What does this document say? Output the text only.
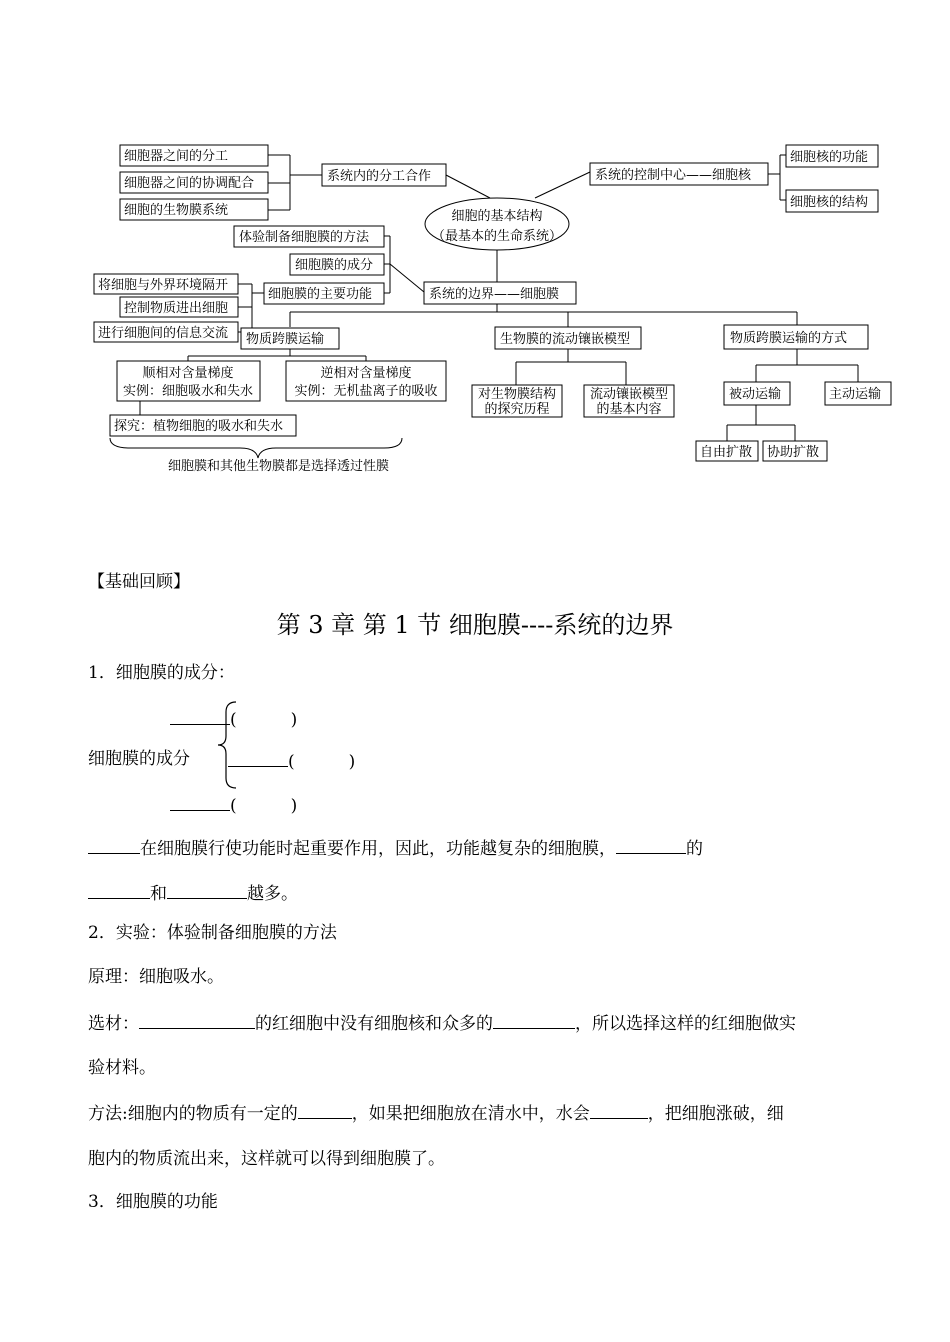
细胞器之间的分工
细胞器之间的协调配合
细胞的生物膜系统
系统内的分工合作	系统的控制中心——细胞核
细胞核的功能
细胞核的结构
细胞的基本结构
（最基本的生命系统）
体验制备细胞膜的方法
细胞膜的成分
细胞膜的主要功能	系统的边界——细胞膜
将细胞与外界环境隔开
控制物质进出细胞
进行细胞间的信息交流 物质跨膜运输
顺相对含量梯度
实例：细胞吸水和失水
逆相对含量梯度
实例：无机盐离子的吸收
探究：植物细胞的吸水和失水
细胞膜和其他生物膜都是选择透过性膜
生物膜的流动镶嵌模型
对生物膜结构
的探究历程
流动镶嵌模型
的基本内容
物质跨膜运输的方式
被动运输	主动运输
自由扩散 协助扩散
【基础回顾】
第 3 章 第 1 节 细胞膜----系统的边界
1．细胞膜的成分：
(	)
细胞膜的成分	(	)
(	)
在细胞膜行使功能时起重要作用，因此，功能越复杂的细胞膜，	的
和	越多。
2．实验：体验制备细胞膜的方法
原理：细胞吸水。
选材：	的红细胞中没有细胞核和众多的	，所以选择这样的红细胞做实
验材料。
方法:细胞内的物质有一定的	，如果把细胞放在清水中，水会	，把细胞涨破，细
胞内的物质流出来，这样就可以得到细胞膜了。
3．细胞膜的功能
